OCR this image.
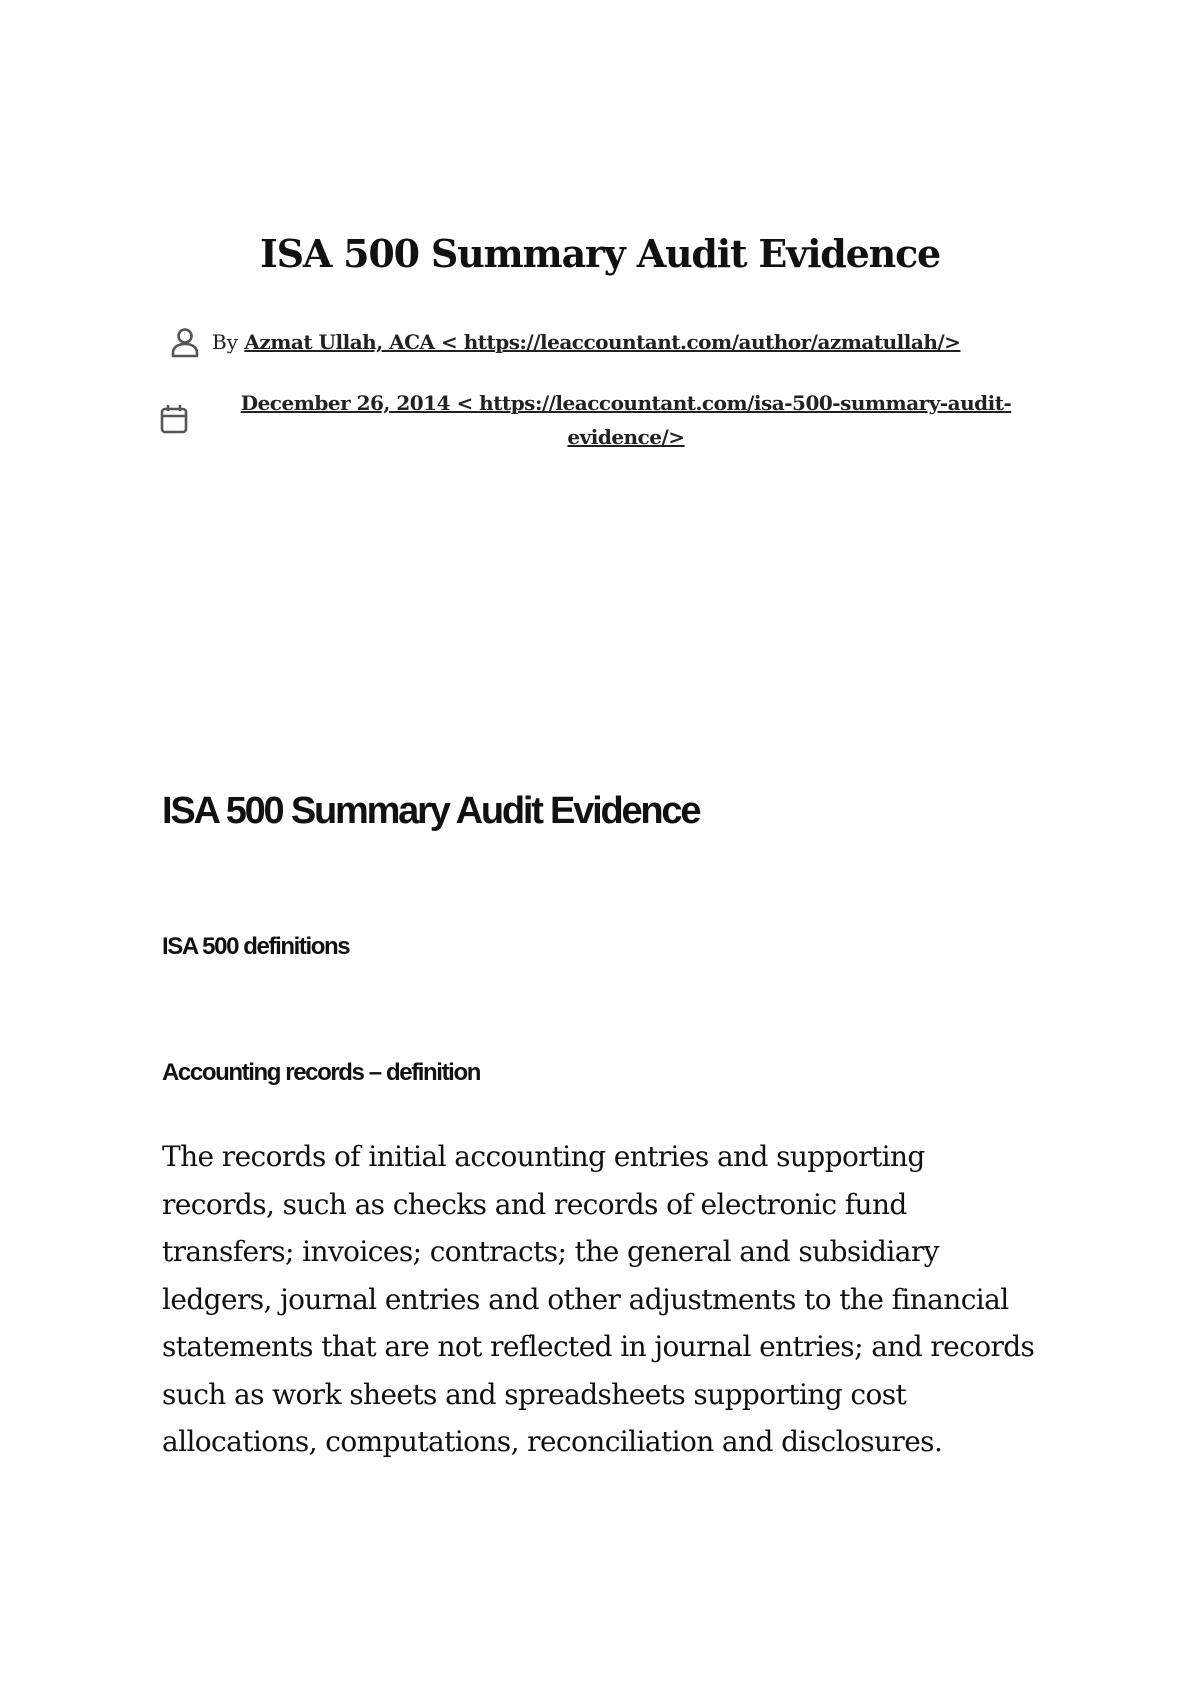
ISA 500 Summary Audit Evidence
By Azmat Ullah, ACA < https://leaccountant.com/author/azmatullah/>
December 26, 2014 < https://leaccountant.com/isa-500-summary-audit-evidence/>
ISA 500 Summary Audit Evidence
ISA 500 definitions
Accounting records – definition

The records of initial accounting entries and supporting records, such as checks and records of electronic fund transfers; invoices; contracts; the general and subsidiary ledgers, journal entries and other adjustments to the financial statements that are not reflected in journal entries; and records such as work sheets and spreadsheets supporting cost allocations, computations, reconciliation and disclosures.
